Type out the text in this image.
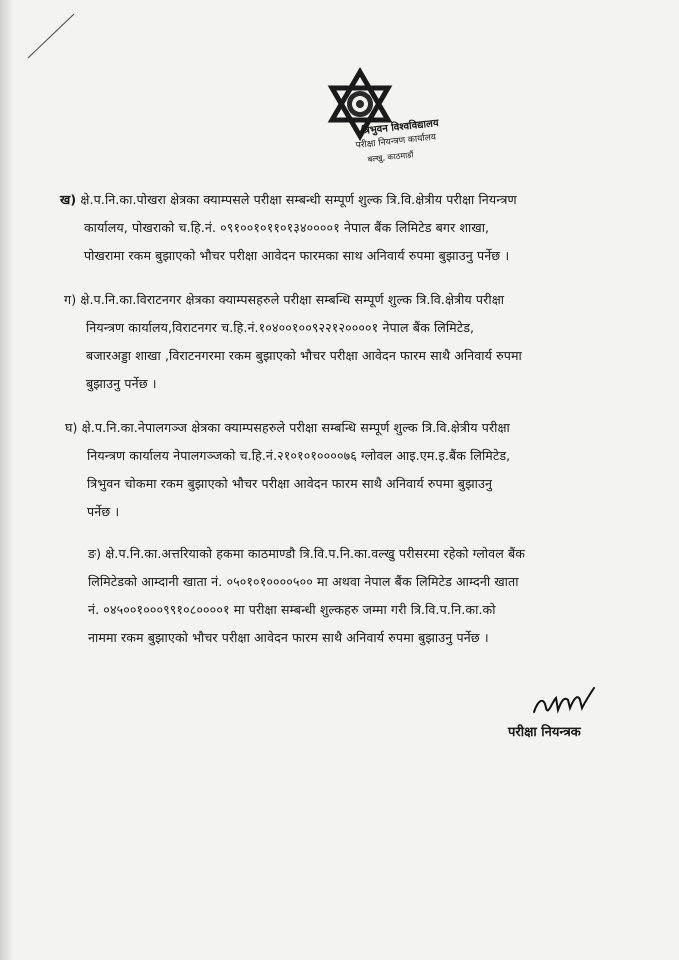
त्रिभुवन विश्वविद्यालय
परीक्षा नियन्त्रण कार्यालय
बल्खु, काठमाडौं
ख) क्षे.प.नि.का.पोखरा क्षेत्रका क्याम्पसले परीक्षा सम्बन्धी सम्पूर्ण शुल्क त्रि.वि.क्षेत्रीय परीक्षा नियन्त्रण
कार्यालय, पोखराको च.हि.नं. ०९१००१०११०१३४००००१ नेपाल बैंक लिमिटेड बगर शाखा,
पोखरामा रकम बुझाएको भौचर परीक्षा आवेदन फारमका साथ अनिवार्य रुपमा बुझाउनु पर्नेछ ।
ग) क्षे.प.नि.का.विराटनगर क्षेत्रका क्याम्पसहरुले परीक्षा सम्बन्धि सम्पूर्ण शुल्क त्रि.वि.क्षेत्रीय परीक्षा
नियन्त्रण कार्यालय,विराटनगर च.हि.नं.१०४००१००९२२१२००००१ नेपाल बैंक लिमिटेड,
बजारअड्डा शाखा ,विराटनगरमा रकम बुझाएको भौचर परीक्षा आवेदन फारम साथै अनिवार्य रुपमा
बुझाउनु पर्नेछ ।
घ) क्षे.प.नि.का.नेपालगञ्ज क्षेत्रका क्याम्पसहरुले परीक्षा सम्बन्धि सम्पूर्ण शुल्क त्रि.वि.क्षेत्रीय परीक्षा
नियन्त्रण कार्यालय नेपालगञ्जको च.हि.नं.२१०१०१००००७६ ग्लोवल आइ.एम.इ.बैंक लिमिटेड,
त्रिभुवन चोकमा रकम बुझाएको भौचर परीक्षा आवेदन फारम साथै अनिवार्य रुपमा बुझाउनु
पर्नेछ ।
ङ) क्षे.प.नि.का.अत्तरियाको हकमा काठमाण्डौ त्रि.वि.प.नि.का.वल्खु परीसरमा रहेको ग्लोवल बैंक
लिमिटेडको आम्दानी खाता नं. ०५०१०१००००५०० मा अथवा नेपाल बैंक लिमिटेड आम्दनी खाता
नं. ०४५००१०००९९१०८००००१ मा परीक्षा सम्बन्धी शुल्कहरु जम्मा गरी त्रि.वि.प.नि.का.को
नाममा रकम बुझाएको भौचर परीक्षा आवेदन फारम साथै अनिवार्य रुपमा बुझाउनु पर्नेछ ।
परीक्षा नियन्त्रक
